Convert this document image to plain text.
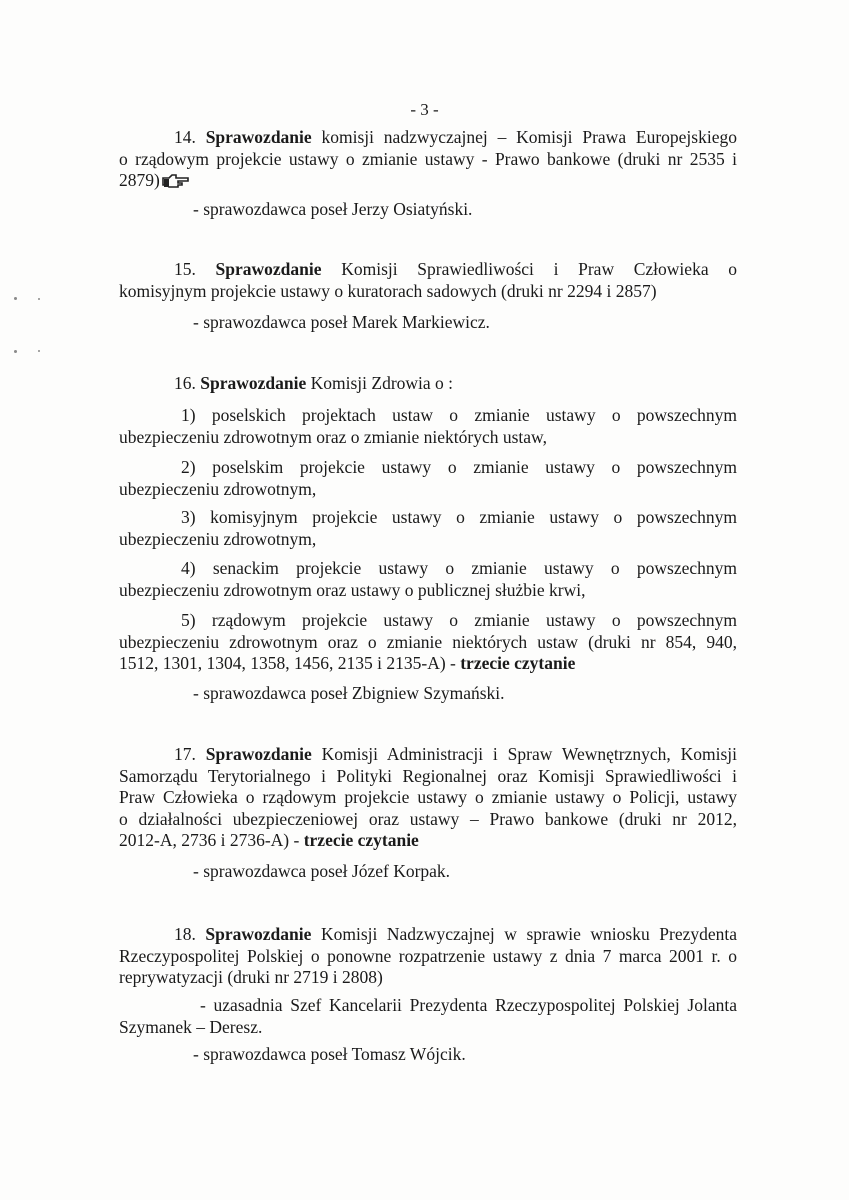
- 3 -
14. Sprawozdanie komisji nadzwyczajnej – Komisji Prawa Europejskiego
o rządowym projekcie ustawy o zmianie ustawy - Prawo bankowe (druki nr 2535 i
2879)
- sprawozdawca poseł Jerzy Osiatyński.
15. Sprawozdanie Komisji Sprawiedliwości i Praw Człowieka o
komisyjnym projekcie ustawy o kuratorach sadowych (druki nr 2294 i 2857)
- sprawozdawca poseł Marek Markiewicz.
16. Sprawozdanie Komisji Zdrowia o :
1) poselskich projektach ustaw o zmianie ustawy o powszechnym
ubezpieczeniu zdrowotnym oraz o zmianie niektórych ustaw,
2) poselskim projekcie ustawy o zmianie ustawy o powszechnym
ubezpieczeniu zdrowotnym,
3) komisyjnym projekcie ustawy o zmianie ustawy o powszechnym
ubezpieczeniu zdrowotnym,
4) senackim projekcie ustawy o zmianie ustawy o powszechnym
ubezpieczeniu zdrowotnym oraz ustawy o publicznej służbie krwi,
5) rządowym projekcie ustawy o zmianie ustawy o powszechnym
ubezpieczeniu zdrowotnym oraz o zmianie niektórych ustaw (druki nr 854, 940,
1512, 1301, 1304, 1358, 1456, 2135 i 2135-A) - trzecie czytanie
- sprawozdawca poseł Zbigniew Szymański.
17. Sprawozdanie Komisji Administracji i Spraw Wewnętrznych, Komisji
Samorządu Terytorialnego i Polityki Regionalnej oraz Komisji Sprawiedliwości i
Praw Człowieka o rządowym projekcie ustawy o zmianie ustawy o Policji, ustawy
o działalności ubezpieczeniowej oraz ustawy – Prawo bankowe (druki nr 2012,
2012-A, 2736 i 2736-A) - trzecie czytanie
- sprawozdawca poseł Józef Korpak.
18. Sprawozdanie Komisji Nadzwyczajnej w sprawie wniosku Prezydenta
Rzeczypospolitej Polskiej o ponowne rozpatrzenie ustawy z dnia 7 marca 2001 r. o
reprywatyzacji (druki nr 2719 i 2808)
- uzasadnia Szef Kancelarii Prezydenta Rzeczypospolitej Polskiej Jolanta
Szymanek – Deresz.
- sprawozdawca poseł Tomasz Wójcik.
